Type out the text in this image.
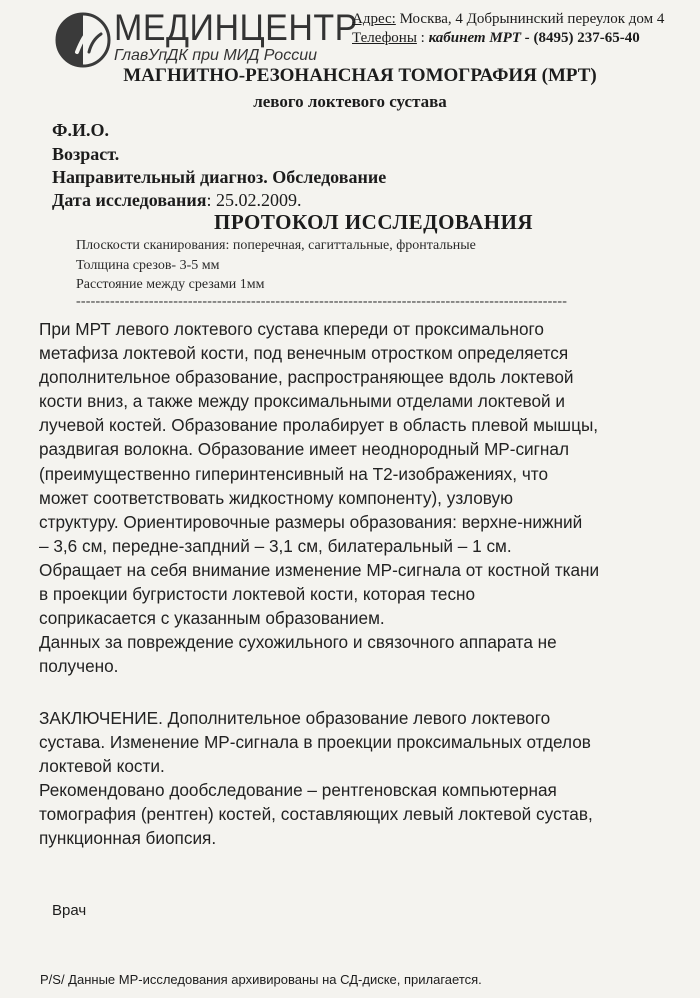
МЕДИНЦЕНТР
ГлавУпДК при МИД России
Адрес: Москва, 4 Добрынинский переулок дом 4
Телефоны : кабинет МРТ - (8495) 237-65-40
МАГНИТНО-РЕЗОНАНСНАЯ ТОМОГРАФИЯ (МРТ)
левого локтевого сустава
Ф.И.О.
Возраст.
Направительный диагноз. Обследование
Дата исследования: 25.02.2009.
ПРОТОКОЛ ИССЛЕДОВАНИЯ
Плоскости сканирования: поперечная, сагиттальные, фронтальные
Толщина срезов- 3-5 мм
Расстояние между срезами 1мм
-----------------------------------------------------------------------------------------------------
При МРТ левого локтевого сустава кпереди от проксимального
метафиза локтевой кости, под венечным отростком определяется
дополнительное образование, распространяющее вдоль локтевой
кости вниз, а также между проксимальными отделами локтевой и
лучевой костей. Образование пролабирует в область плевой мышцы,
раздвигая волокна. Образование имеет неоднородный МР-сигнал
(преимущественно гиперинтенсивный на Т2-изображениях, что
может соответствовать жидкостному компоненту), узловую
структуру. Ориентировочные размеры образования: верхне-нижний
– 3,6 см, передне-запдний – 3,1 см, билатеральный – 1 см.
Обращает на себя внимание изменение МР-сигнала от костной ткани
в проекции бугристости локтевой кости, которая тесно
соприкасается с указанным образованием.
Данных за повреждение сухожильного и связочного аппарата не
получено.
ЗАКЛЮЧЕНИЕ. Дополнительное образование левого локтевого
сустава. Изменение МР-сигнала в проекции проксимальных отделов
локтевой кости.
Рекомендовано дообследование – рентгеновская компьютерная
томография (рентген) костей, составляющих левый локтевой сустав,
пункционная биопсия.
Врач
P/S/ Данные МР-исследования архивированы на СД-диске, прилагается.
